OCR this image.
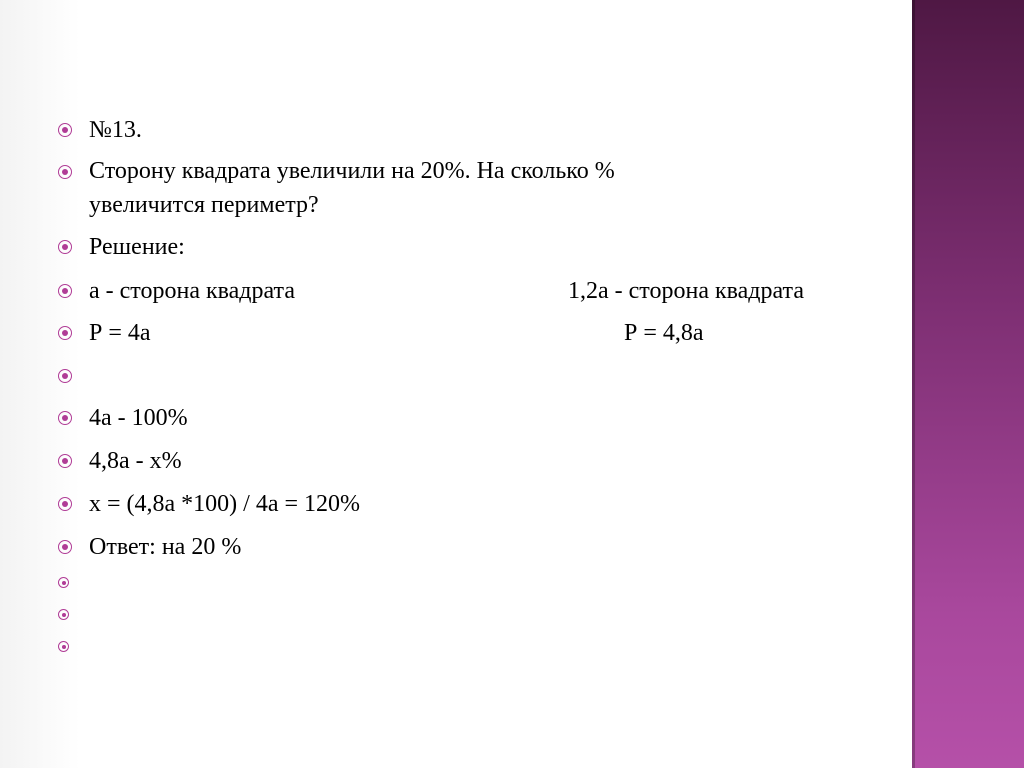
№13.
Сторону квадрата увеличили на 20%. На сколько % увеличится периметр?
Решение:
а - сторона квадрата	1,2а - сторона квадрата
Р = 4а	Р = 4,8а
4а - 100%
4,8а - х%
х = (4,8а *100) / 4а = 120%
Ответ: на 20 %
